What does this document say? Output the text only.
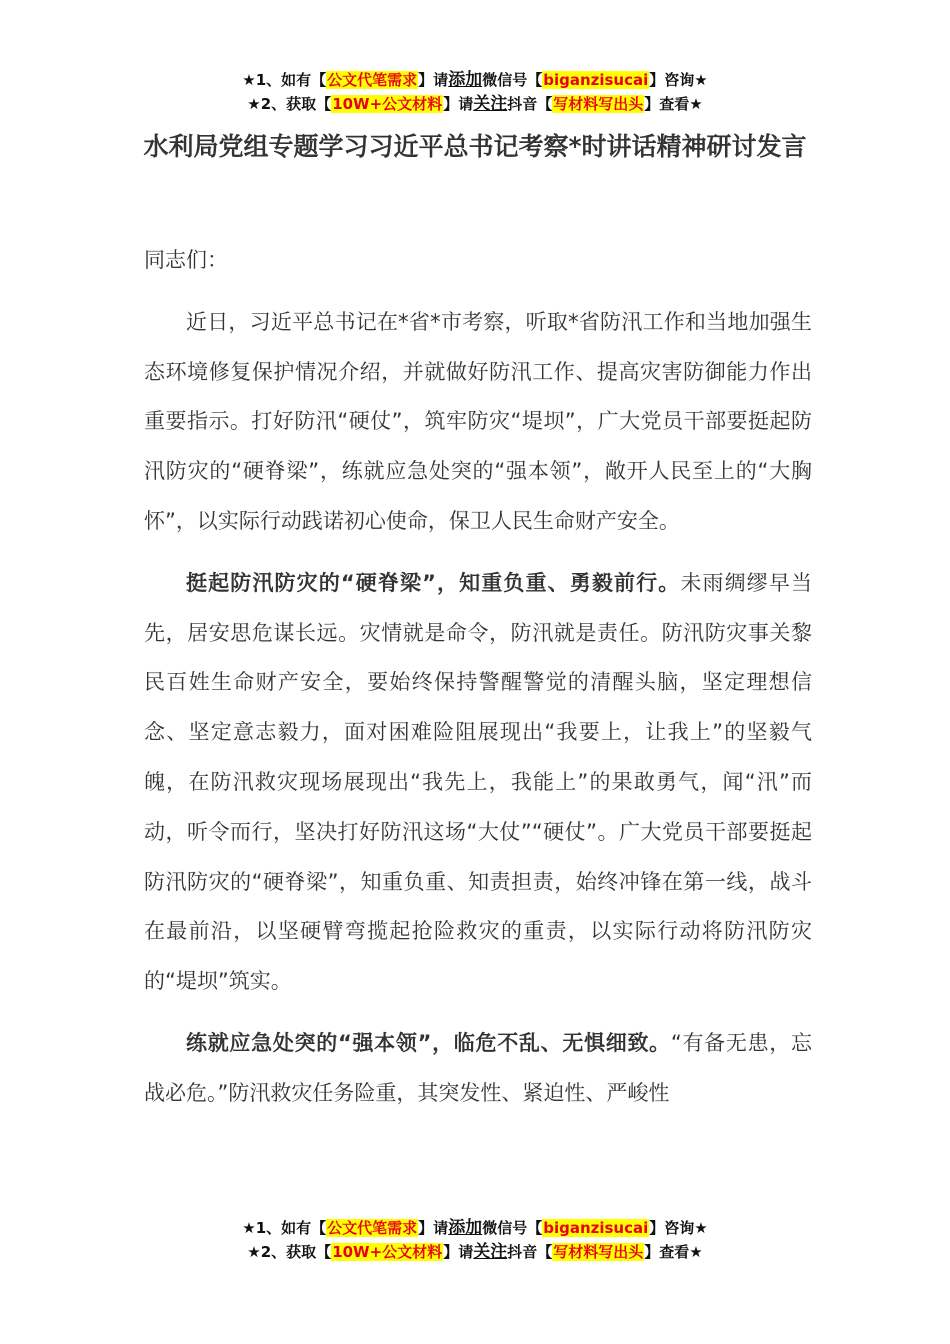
★1、如有【公文代笔需求】请添加微信号【biganzisucai】咨询★
★2、获取【10W+公文材料】请关注抖音【写材料写出头】查看★
水利局党组专题学习习近平总书记考察*时讲话精神研讨发言

同志们：

近日，习近平总书记在*省*市考察，听取*省防汛工作和当地加强生态环境修复保护情况介绍，并就做好防汛工作、提高灾害防御能力作出重要指示。打好防汛“硬仗”，筑牢防灾“堤坝”，广大党员干部要挺起防汛防灾的“硬脊梁”，练就应急处突的“强本领”，敞开人民至上的“大胸怀”，以实际行动践诺初心使命，保卫人民生命财产安全。

挺起防汛防灾的“硬脊梁”，知重负重、勇毅前行。未雨绸缪早当先，居安思危谋长远。灾情就是命令，防汛就是责任。防汛防灾事关黎民百姓生命财产安全，要始终保持警醒警觉的清醒头脑，坚定理想信念、坚定意志毅力，面对困难险阻展现出“我要上，让我上”的坚毅气魄，在防汛救灾现场展现出“我先上，我能上”的果敢勇气，闻“汛”而动，听令而行，坚决打好防汛这场“大仗”“硬仗”。广大党员干部要挺起防汛防灾的“硬脊梁”，知重负重、知责担责，始终冲锋在第一线，战斗在最前沿，以坚硬臂弯揽起抢险救灾的重责，以实际行动将防汛防灾的“堤坝”筑实。

练就应急处突的“强本领”，临危不乱、无惧细致。“有备无患，忘战必危。”防汛救灾任务险重，其突发性、紧迫性、严峻性

★1、如有【公文代笔需求】请添加微信号【biganzisucai】咨询★
★2、获取【10W+公文材料】请关注抖音【写材料写出头】查看★
